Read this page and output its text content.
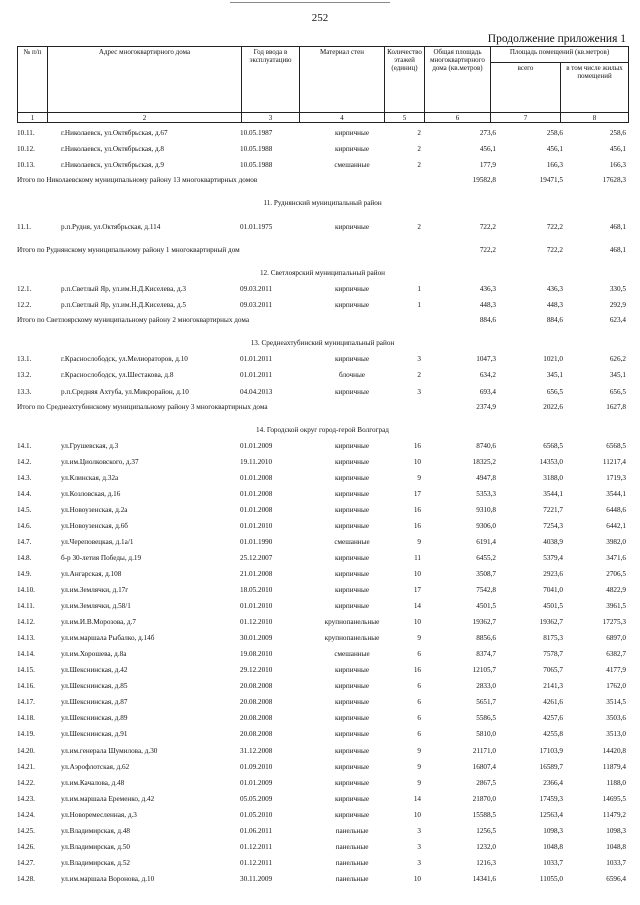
252
Продолжение приложения 1
№ п/п	Адрес многоквартирного дома	Год ввода в эксплуатацию	Материал стен	Количество этажей (единиц)	Общая площадь многоквартирного дома (кв.метров)	Площадь помещений (кв.метров)	
						всего	в том числе жилых помещений
1	2	3	4	5	6	7	8
10.11.	г.Николаевск, ул.Октябрьская, д.67	10.05.1987	кирпичные	2	273,6	258,6	258,6
10.12.	г.Николаевск, ул.Октябрьская, д.8	10.05.1988	кирпичные	2	456,1	456,1	456,1
10.13.	г.Николаевск, ул.Октябрьская, д.9	10.05.1988	смешанные	2	177,9	166,3	166,3
Итого по Николаевскому муниципальному району 13 многоквартирных домов	19582,8	19471,5	17628,3
11. Руднянский муниципальный район
11.1.	р.п.Рудня, ул.Октябрьская, д.114	01.01.1975	кирпичные	2	722,2	722,2	468,1
Итого по Руднянскому муниципальному району 1 многоквартирный дом	722,2	722,2	468,1
12. Светлоярский муниципальный район
12.1.	р.п.Светлый Яр, ул.им.Н.Д.Киселева, д.3	09.03.2011	кирпичные	1	436,3	436,3	330,5
12.2.	р.п.Светлый Яр, ул.им.Н.Д.Киселева, д.5	09.03.2011	кирпичные	1	448,3	448,3	292,9
Итого по Светлоярскому муниципальному району 2 многоквартирных дома	884,6	884,6	623,4
13. Среднеахтубинский муниципальный район
13.1.	г.Краснослободск, ул.Мелиораторов, д.10	01.01.2011	кирпичные	3	1047,3	1021,0	626,2
13.2.	г.Краснослободск, ул.Шестакова, д.8	01.01.2011	блочные	2	634,2	345,1	345,1
13.3.	р.п.Средняя Ахтуба, ул.Микрорайон, д.10	04.04.2013	кирпичные	3	693,4	656,5	656,5
Итого по Среднеахтубинскому муниципальному району 3 многоквартирных дома	2374,9	2022,6	1627,8
14. Городской округ город-герой Волгоград
14.1.	ул.Грушевская, д.3	01.01.2009	кирпичные	16	8740,6	6568,5	6568,5
14.2.	ул.им.Циолковского, д.37	19.11.2010	кирпичные	10	18325,2	14353,0	11217,4
14.3.	ул.Клинская, д.32а	01.01.2008	кирпичные	9	4947,8	3188,0	1719,3
14.4.	ул.Козловская, д.16	01.01.2008	кирпичные	17	5353,3	3544,1	3544,1
14.5.	ул.Новоузенская, д.2а	01.01.2008	кирпичные	16	9310,8	7221,7	6448,6
14.6.	ул.Новоузенская, д.6б	01.01.2010	кирпичные	16	9306,0	7254,3	6442,1
14.7.	ул.Череповецкая, д.1а/1	01.01.1990	смешанные	9	6191,4	4038,9	3982,0
14.8.	б-р 30-летия Победы, д.19	25.12.2007	кирпичные	11	6455,2	5379,4	3471,6
14.9.	ул.Ангарская, д.108	21.01.2008	кирпичные	10	3508,7	2923,6	2706,5
14.10.	ул.им.Землячки, д.17г	18.05.2010	кирпичные	17	7542,8	7041,0	4822,9
14.11.	ул.им.Землячки, д.58/1	01.01.2010	кирпичные	14	4501,5	4501,5	3961,5
14.12.	ул.им.И.В.Морозова, д.7	01.12.2010	крупнопанельные	10	19362,7	19362,7	17275,3
14.13.	ул.им.маршала Рыбалко, д.14б	30.01.2009	крупнопанельные	9	8856,6	8175,3	6897,0
14.14.	ул.им.Хорошева, д.8а	19.08.2010	смешанные	6	8374,7	7578,7	6382,7
14.15.	ул.Шекснинская, д.42	29.12.2010	кирпичные	16	12105,7	7065,7	4177,9
14.16.	ул.Шекснинская, д.85	20.08.2008	кирпичные	6	2833,0	2141,3	1762,0
14.17.	ул.Шекснинская, д.87	20.08.2008	кирпичные	6	5651,7	4261,6	3514,5
14.18.	ул.Шекснинская, д.89	20.08.2008	кирпичные	6	5586,5	4257,6	3503,6
14.19.	ул.Шекснинская, д.91	20.08.2008	кирпичные	6	5810,0	4255,8	3513,0
14.20.	ул.им.генерала Шумилова, д.30	31.12.2008	кирпичные	9	21171,0	17103,9	14420,8
14.21.	ул.Аэрофлотская, д.62	01.09.2010	кирпичные	9	16807,4	16589,7	11879,4
14.22.	ул.им.Качалова, д.48	01.01.2009	кирпичные	9	2867,5	2366,4	1188,0
14.23.	ул.им.маршала Еременко, д.42	05.05.2009	кирпичные	14	21870,0	17459,3	14695,5
14.24.	ул.Новоремесленная, д.3	01.05.2010	кирпичные	10	15588,5	12563,4	11479,2
14.25.	ул.Владимирская, д.48	01.06.2011	панельные	3	1256,5	1098,3	1098,3
14.26.	ул.Владимирская, д.50	01.12.2011	панельные	3	1232,0	1048,8	1048,8
14.27.	ул.Владимирская, д.52	01.12.2011	панельные	3	1216,3	1033,7	1033,7
14.28.	ул.им.маршала Воронова, д.10	30.11.2009	панельные	10	14341,6	11055,0	6596,4
